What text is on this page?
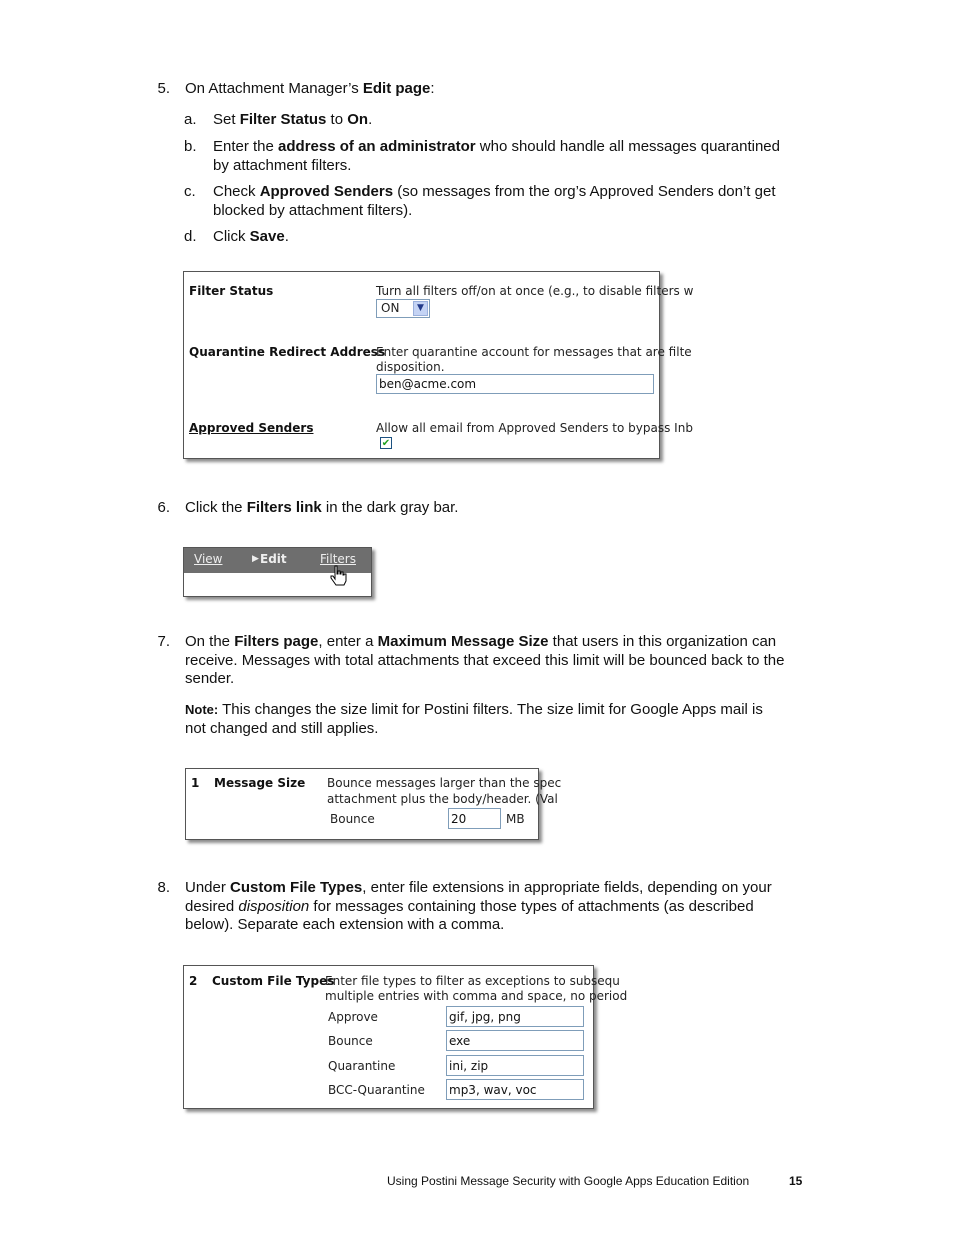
5. On Attachment Manager’s Edit page:
a. Set Filter Status to On.
b. Enter the address of an administrator who should handle all messages quarantined
by attachment filters.
c. Check Approved Senders (so messages from the org’s Approved Senders don’t get
blocked by attachment filters).
d. Click Save.
Filter Status	Turn all filters off/on at once (e.g., to disable filters w
ON	▼
Quarantine Redirect Address
Enter quarantine account for messages that are filte
disposition.
ben@acme.com
Approved Senders	Allow all email from Approved Senders to bypass Inb
✔
6. Click the Filters link in the dark gray bar.
View	▶ Edit	Filters
7. On the Filters page, enter a Maximum Message Size that users in this organization can
receive. Messages with total attachments that exceed this limit will be bounced back to the
sender.
Note: This changes the size limit for Postini filters. The size limit for Google Apps mail is
not changed and still applies.
1 Message Size Bounce messages larger than the spec
attachment plus the body/header. (Val
Bounce	20	MB
8. Under Custom File Types, enter file extensions in appropriate fields, depending on your
desired disposition for messages containing those types of attachments (as described
below). Separate each extension with a comma.
2 Custom File Types
Enter file types to filter as exceptions to subsequ
multiple entries with comma and space, no period
Approve	gif, jpg, png
Bounce	exe
Quarantine	ini, zip
BCC-Quarantine mp3, wav, voc
Using Postini Message Security with Google Apps Education Edition	15
